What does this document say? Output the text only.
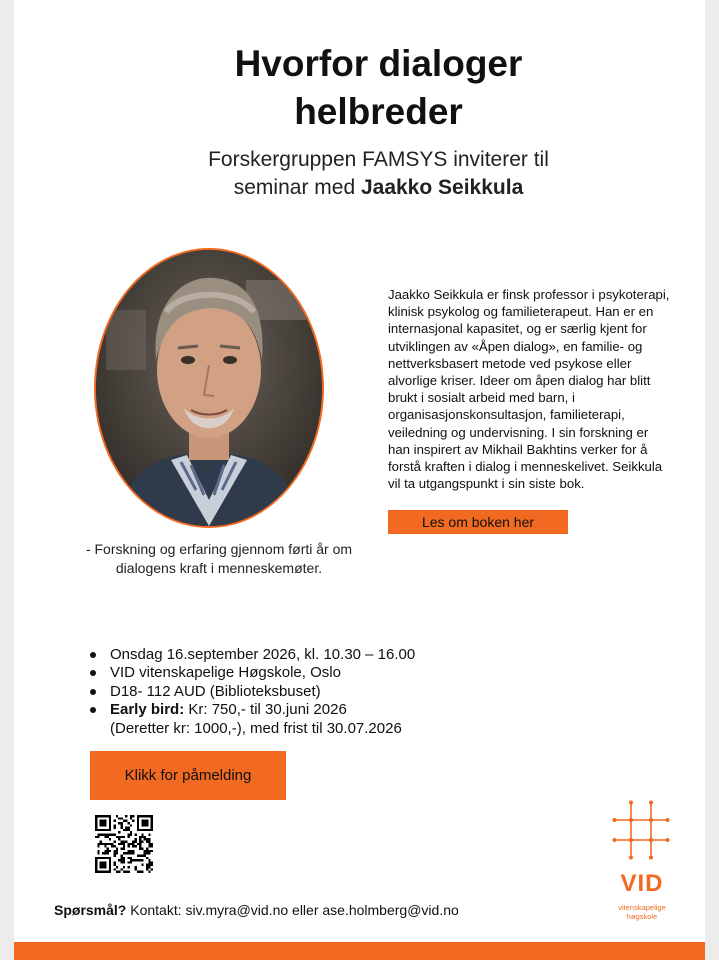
Hvorfor dialoger
helbreder
Forskergruppen FAMSYS inviterer til
seminar med Jaakko Seikkula
- Forskning og erfaring gjennom førti år om dialogens kraft i menneskemøter.
Jaakko Seikkula er finsk professor i psykoterapi, klinisk psykolog og familieterapeut. Han er en internasjonal kapasitet, og er særlig kjent for utviklingen av «Åpen dialog», en familie- og nettverksbasert metode ved psykose eller alvorlige kriser. Ideer om åpen dialog har blitt brukt i sosialt arbeid med barn, i organisasjonskonsultasjon, familieterapi, veiledning og undervisning. I sin forskning er han inspirert av Mikhail Bakhtins verker for å forstå kraften i dialog i menneskelivet. Seikkula vil ta utgangspunkt i sin siste bok.
Les om boken her
Onsdag 16.september 2026, kl. 10.30 – 16.00
VID vitenskapelige Høgskole, Oslo
D18- 112 AUD (Biblioteksbuset)
Early bird: Kr: 750,- til 30.juni 2026
(Deretter kr: 1000,-), med frist til 30.07.2026
Klikk for påmelding
Spørsmål? Kontakt: siv.myra@vid.no eller ase.holmberg@vid.no
VID
vitenskapelige
høgskole
